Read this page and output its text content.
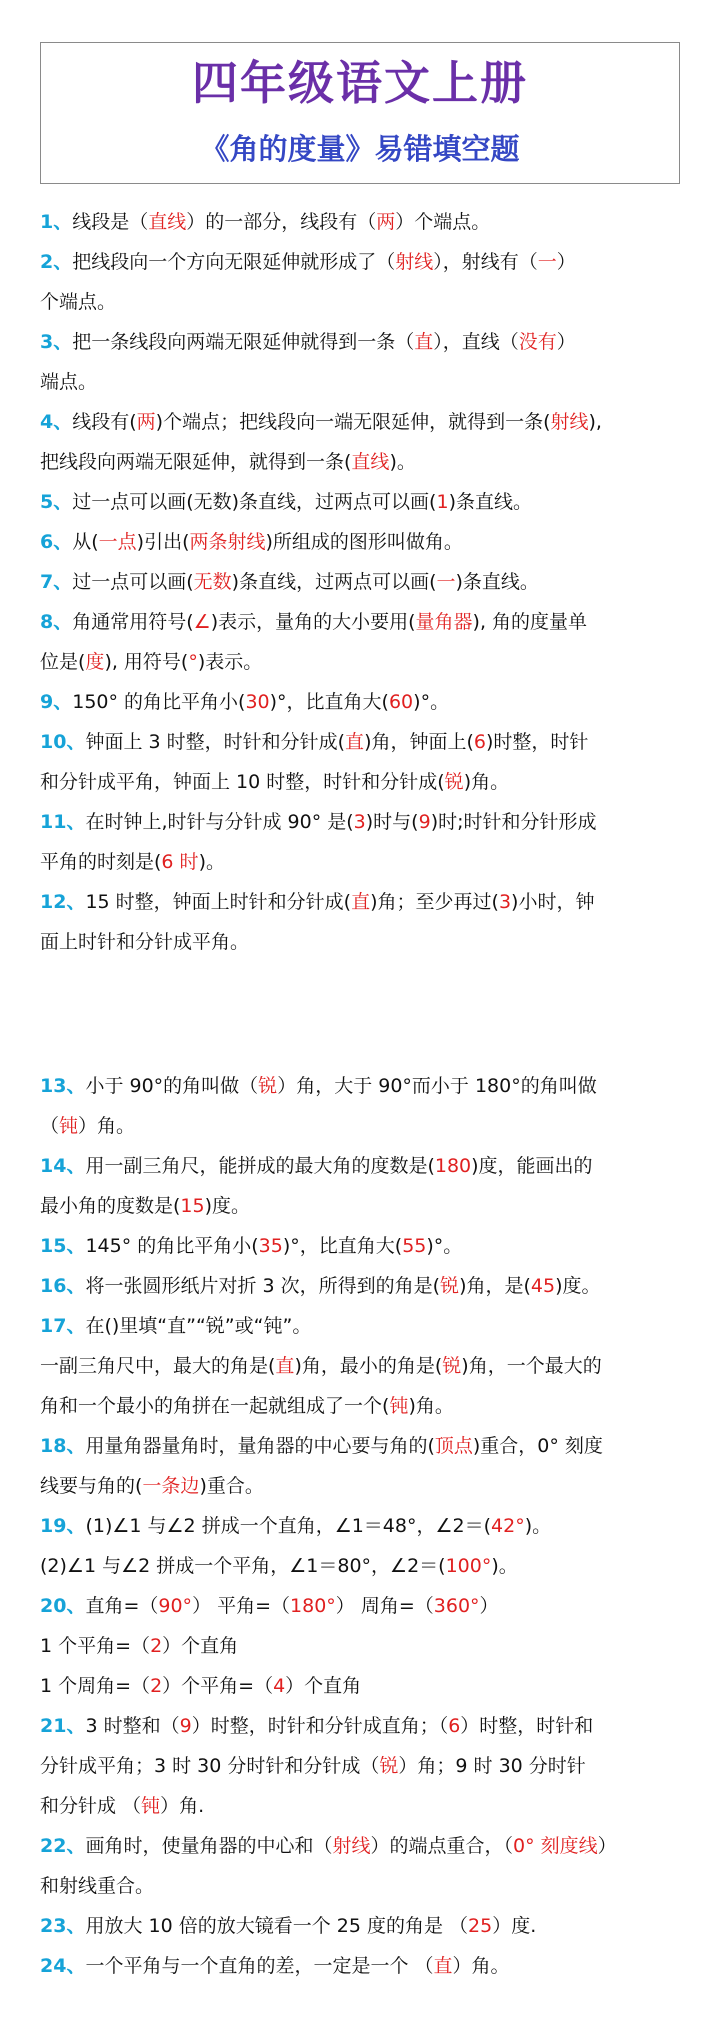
四年级语文上册
《角的度量》易错填空题
1、线段是（直线）的一部分，线段有（两）个端点。
2、把线段向一个方向无限延伸就形成了（射线），射线有（一）
个端点。
3、把一条线段向两端无限延伸就得到一条（直），直线（没有）
端点。
4、线段有(两)个端点；把线段向一端无限延伸，就得到一条(射线),
把线段向两端无限延伸，就得到一条(直线)。
5、过一点可以画(无数)条直线，过两点可以画(1)条直线。
6、从(一点)引出(两条射线)所组成的图形叫做角。
7、过一点可以画(无数)条直线，过两点可以画(一)条直线。
8、角通常用符号(∠)表示，量角的大小要用(量角器), 角的度量单
位是(度), 用符号(°)表示。
9、150° 的角比平角小(30)°，比直角大(60)°。
10、钟面上 3 时整，时针和分针成(直)角，钟面上(6)时整，时针
和分针成平角，钟面上 10 时整，时针和分针成(锐)角。
11、在时钟上,时针与分针成 90° 是(3)时与(9)时;时针和分针形成
平角的时刻是(6 时)。
12、15 时整，钟面上时针和分针成(直)角；至少再过(3)小时，钟
面上时针和分针成平角。
13、小于 90°的角叫做（锐）角，大于 90°而小于 180°的角叫做
（钝）角。
14、用一副三角尺，能拼成的最大角的度数是(180)度，能画出的
最小角的度数是(15)度。
15、145° 的角比平角小(35)°，比直角大(55)°。
16、将一张圆形纸片对折 3 次，所得到的角是(锐)角，是(45)度。
17、在()里填“直”“锐”或“钝”。
一副三角尺中，最大的角是(直)角，最小的角是(锐)角，一个最大的
角和一个最小的角拼在一起就组成了一个(钝)角。
18、用量角器量角时，量角器的中心要与角的(顶点)重合，0° 刻度
线要与角的(一条边)重合。
19、(1)∠1 与∠2 拼成一个直角，∠1＝48°，∠2＝(42°)。
(2)∠1 与∠2 拼成一个平角，∠1＝80°，∠2＝(100°)。
20、直角=（90°） 平角=（180°） 周角=（360°）
1 个平角=（2）个直角
1 个周角=（2）个平角=（4）个直角
21、3 时整和（9）时整，时针和分针成直角；（6）时整，时针和
分针成平角；3 时 30 分时针和分针成（锐）角；9 时 30 分时针
和分针成 （钝）角.
22、画角时，使量角器的中心和（射线）的端点重合，（0° 刻度线）
和射线重合。
23、用放大 10 倍的放大镜看一个 25 度的角是 （25）度.
24、一个平角与一个直角的差，一定是一个 （直）角。
